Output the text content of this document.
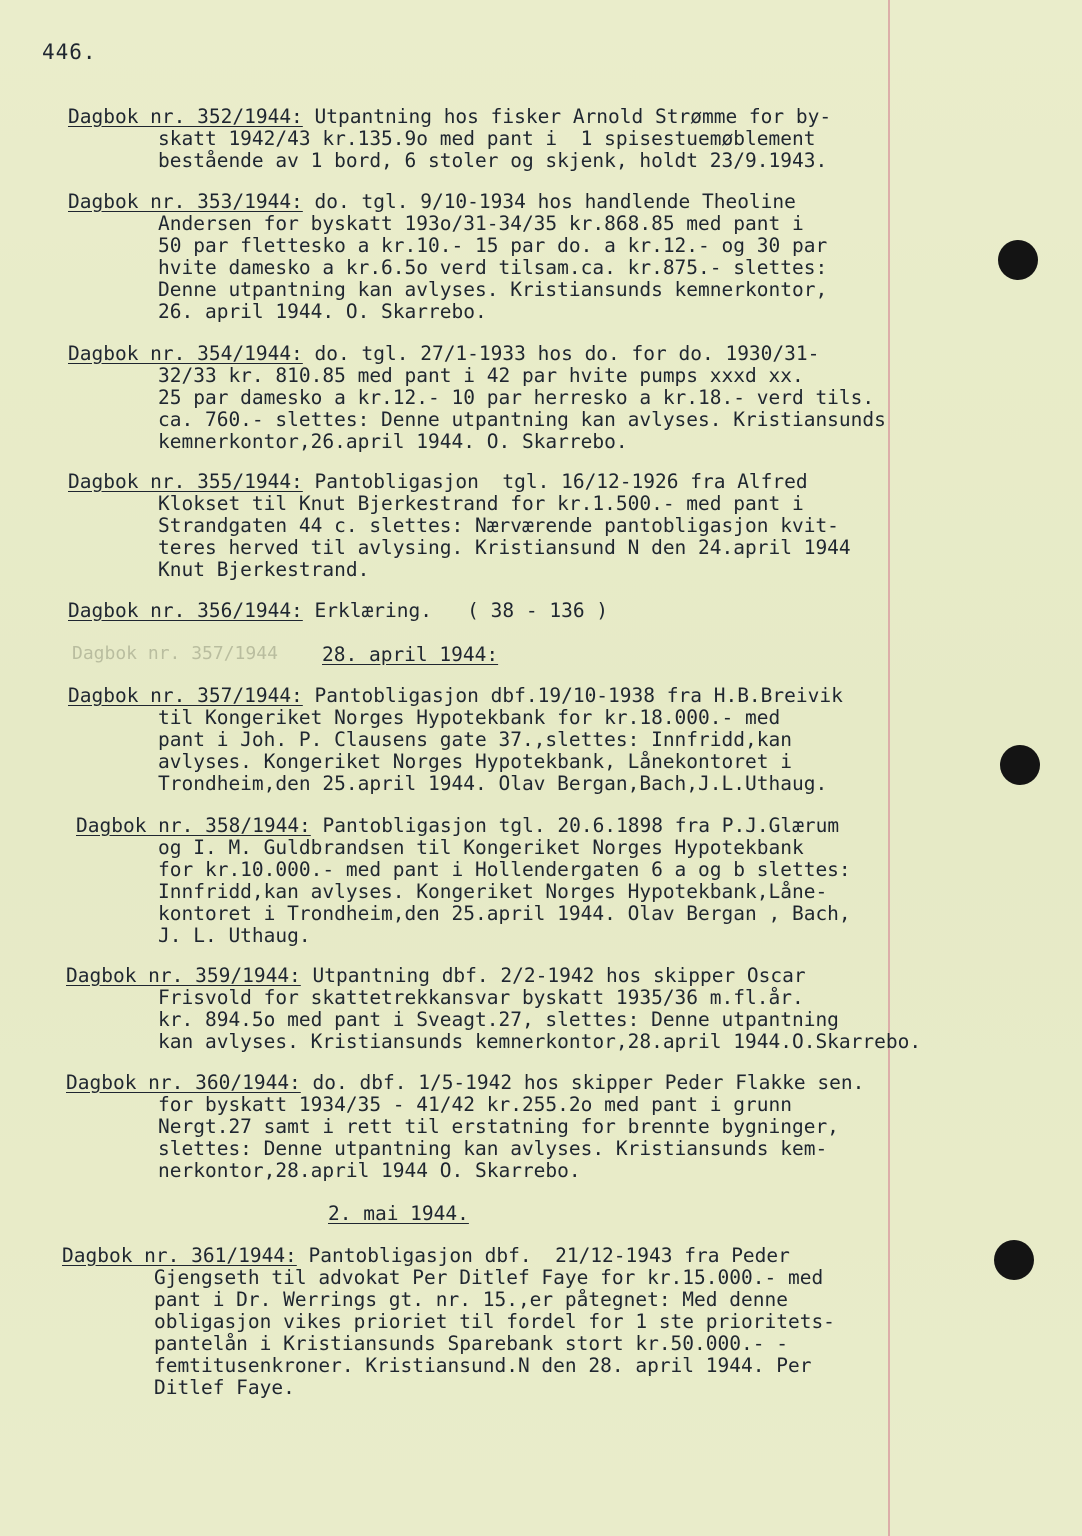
446.
Dagbok nr. 352/1944: Utpantning hos fisker Arnold Strømme for by-
skatt 1942/43 kr.135.9o med pant i  1 spisestuemøblement
bestående av 1 bord, 6 stoler og skjenk, holdt 23/9.1943.
Dagbok nr. 353/1944: do. tgl. 9/10-1934 hos handlende Theoline
Andersen for byskatt 193o/31-34/35 kr.868.85 med pant i
50 par flettesko a kr.10.- 15 par do. a kr.12.- og 30 par
hvite damesko a kr.6.5o verd tilsam.ca. kr.875.- slettes:
Denne utpantning kan avlyses. Kristiansunds kemnerkontor,
26. april 1944. O. Skarrebo.
Dagbok nr. 354/1944: do. tgl. 27/1-1933 hos do. for do. 1930/31-
32/33 kr. 810.85 med pant i 42 par hvite pumps xxxd xx.
25 par damesko a kr.12.- 10 par herresko a kr.18.- verd tils.
ca. 760.- slettes: Denne utpantning kan avlyses. Kristiansunds
kemnerkontor,26.april 1944. O. Skarrebo.
Dagbok nr. 355/1944: Pantobligasjon  tgl. 16/12-1926 fra Alfred
Klokset til Knut Bjerkestrand for kr.1.500.- med pant i
Strandgaten 44 c. slettes: Nærværende pantobligasjon kvit-
teres herved til avlysing. Kristiansund N den 24.april 1944
Knut Bjerkestrand.
Dagbok nr. 356/1944: Erklæring.   ( 38 - 136 )
Dagbok nr. 357/1944 28. april 1944:
Dagbok nr. 357/1944: Pantobligasjon dbf.19/10-1938 fra H.B.Breivik
til Kongeriket Norges Hypotekbank for kr.18.000.- med
pant i Joh. P. Clausens gate 37.,slettes: Innfridd,kan
avlyses. Kongeriket Norges Hypotekbank, Lånekontoret i
Trondheim,den 25.april 1944. Olav Bergan,Bach,J.L.Uthaug.
Dagbok nr. 358/1944: Pantobligasjon tgl. 20.6.1898 fra P.J.Glærum
og I. M. Guldbrandsen til Kongeriket Norges Hypotekbank
for kr.10.000.- med pant i Hollendergaten 6 a og b slettes:
Innfridd,kan avlyses. Kongeriket Norges Hypotekbank,Låne-
kontoret i Trondheim,den 25.april 1944. Olav Bergan , Bach,
J. L. Uthaug.
Dagbok nr. 359/1944: Utpantning dbf. 2/2-1942 hos skipper Oscar
Frisvold for skattetrekkansvar byskatt 1935/36 m.fl.år.
kr. 894.5o med pant i Sveagt.27, slettes: Denne utpantning
kan avlyses. Kristiansunds kemnerkontor,28.april 1944.O.Skarrebo.
Dagbok nr. 360/1944: do. dbf. 1/5-1942 hos skipper Peder Flakke sen.
for byskatt 1934/35 - 41/42 kr.255.2o med pant i grunn
Nergt.27 samt i rett til erstatning for brennte bygninger,
slettes: Denne utpantning kan avlyses. Kristiansunds kem-
nerkontor,28.april 1944 O. Skarrebo.
2. mai 1944.
Dagbok nr. 361/1944: Pantobligasjon dbf.  21/12-1943 fra Peder
Gjengseth til advokat Per Ditlef Faye for kr.15.000.- med
pant i Dr. Werrings gt. nr. 15.,er påtegnet: Med denne
obligasjon vikes prioriet til fordel for 1 ste prioritets-
pantelån i Kristiansunds Sparebank stort kr.50.000.- -
femtitusenkroner. Kristiansund.N den 28. april 1944. Per
Ditlef Faye.
